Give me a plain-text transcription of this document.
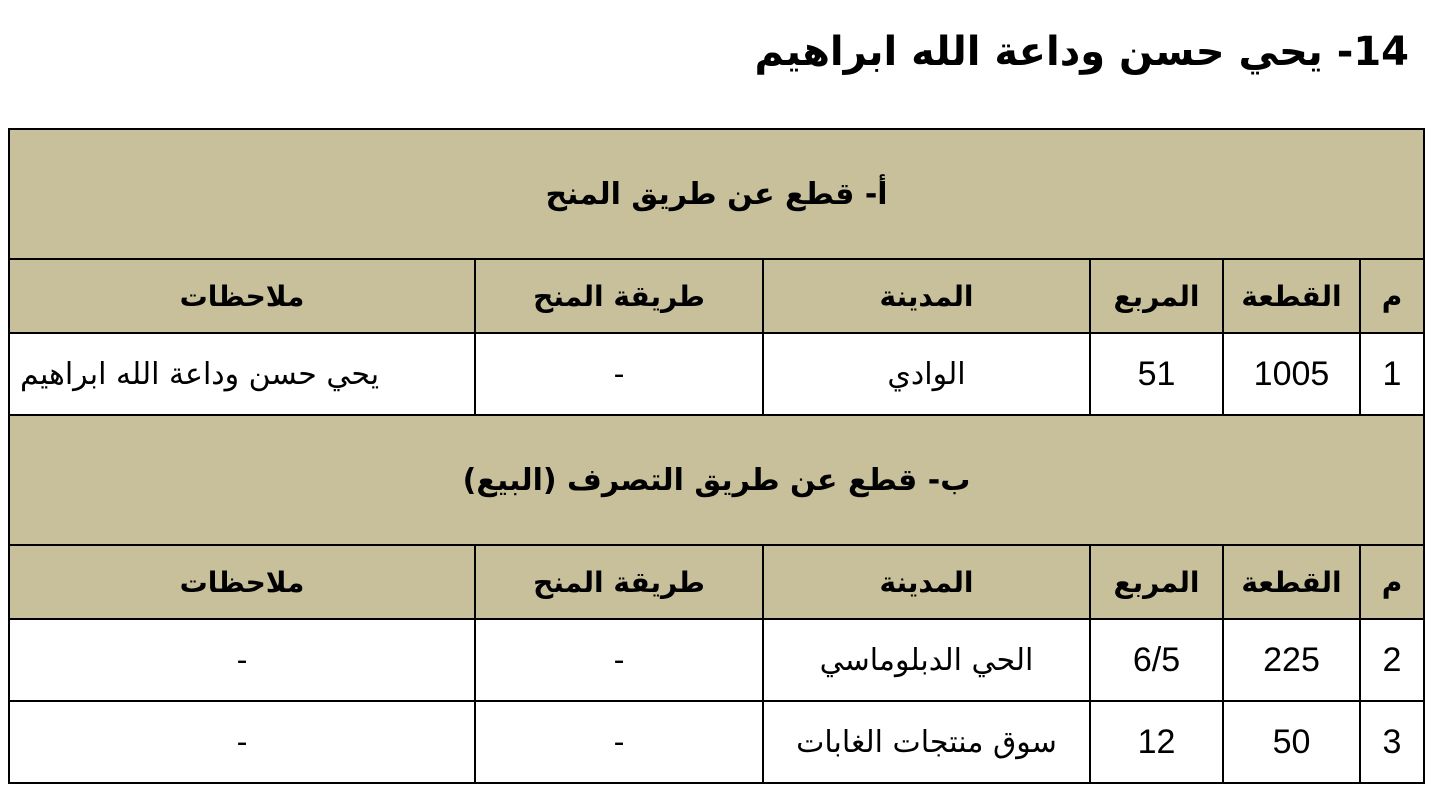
14- يحي حسن وداعة الله ابراهيم
أ- قطع عن طريق المنح					
م	القطعة	المربع	المدينة	طريقة المنح	ملاحظات
1	1005	51	الوادي	-	يحي حسن وداعة الله ابراهيم
ب- قطع عن طريق التصرف (البيع)					
م	القطعة	المربع	المدينة	طريقة المنح	ملاحظات
2	225	6/5	الحي الدبلوماسي	-	-
3	50	12	سوق منتجات الغابات	-	-
